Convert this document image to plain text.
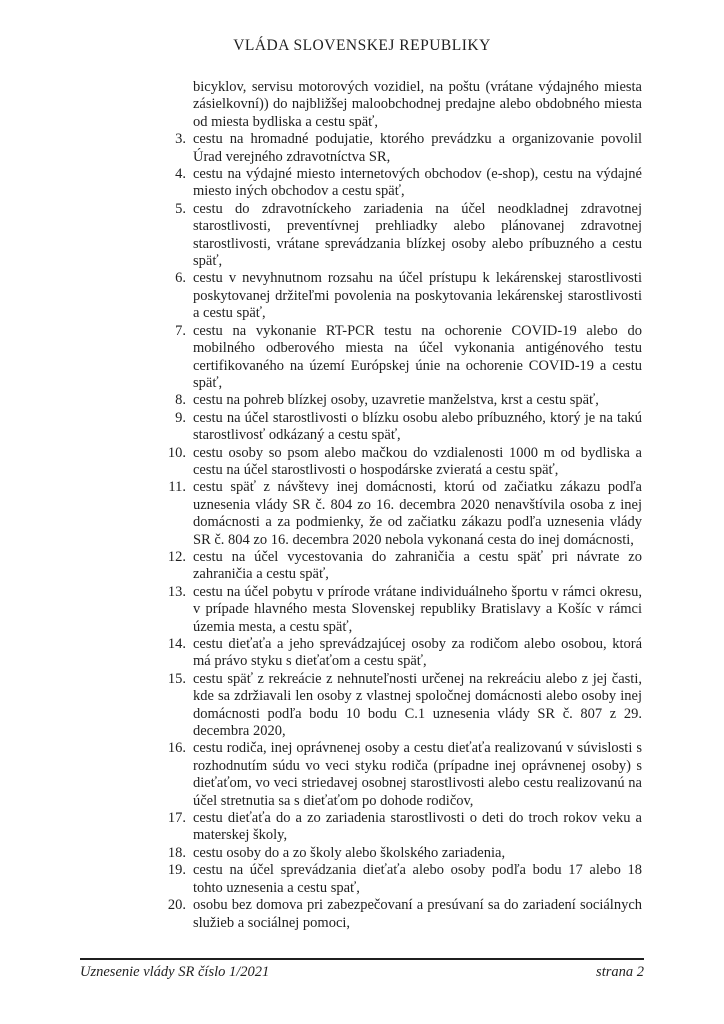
VLÁDA SLOVENSKEJ REPUBLIKY

bicyklov, servisu motorových vozidiel, na poštu (vrátane výdajného miesta zásielkovní)) do najbližšej maloobchodnej predajne alebo obdobného miesta od miesta bydliska a cestu späť,

3. cestu na hromadné podujatie, ktorého prevádzku a organizovanie povolil Úrad verejného zdravotníctva SR,
4. cestu na výdajné miesto internetových obchodov (e-shop), cestu na výdajné miesto iných obchodov a cestu späť,
5. cestu do zdravotníckeho zariadenia na účel neodkladnej zdravotnej starostlivosti, preventívnej prehliadky alebo plánovanej zdravotnej starostlivosti, vrátane sprevádzania blízkej osoby alebo príbuzného a cestu späť,
6. cestu v nevyhnutnom rozsahu na účel prístupu k lekárenskej starostlivosti poskytovanej držiteľmi povolenia na poskytovania lekárenskej starostlivosti a cestu späť,
7. cestu na vykonanie RT-PCR testu na ochorenie COVID-19 alebo do mobilného odberového miesta na účel vykonania antigénového testu certifikovaného na území Európskej únie na ochorenie COVID-19 a cestu späť,
8. cestu na pohreb blízkej osoby, uzavretie manželstva, krst a cestu späť,
9. cestu na účel starostlivosti o blízku osobu alebo príbuzného, ktorý je na takú starostlivosť odkázaný a cestu späť,
10. cestu osoby so psom alebo mačkou do vzdialenosti 1000 m od bydliska a cestu na účel starostlivosti o hospodárske zvieratá a cestu späť,
11. cestu späť z návštevy inej domácnosti, ktorú od začiatku zákazu podľa uznesenia vlády SR č. 804 zo 16. decembra 2020 nenavštívila osoba z inej domácnosti a za podmienky, že od začiatku zákazu podľa uznesenia vlády SR č. 804 zo 16. decembra 2020 nebola vykonaná cesta do inej domácnosti,
12. cestu na účel vycestovania do zahraničia a cestu späť pri návrate zo zahraničia a cestu späť,
13. cestu na účel pobytu v prírode vrátane individuálneho športu v rámci okresu, v prípade hlavného mesta Slovenskej republiky Bratislavy a Košíc v rámci územia mesta, a cestu späť,
14. cestu dieťaťa a jeho sprevádzajúcej osoby za rodičom alebo osobou, ktorá má právo styku s dieťaťom a cestu späť,
15. cestu späť z rekreácie z nehnuteľnosti určenej na rekreáciu alebo z jej časti, kde sa zdržiavali len osoby z vlastnej spoločnej domácnosti alebo osoby inej domácnosti podľa bodu 10 bodu C.1 uznesenia vlády SR č. 807 z 29. decembra 2020,
16. cestu rodiča, inej oprávnenej osoby a cestu dieťaťa realizovanú v súvislosti s rozhodnutím súdu vo veci styku rodiča (prípadne inej oprávnenej osoby) s dieťaťom, vo veci striedavej osobnej starostlivosti alebo cestu realizovanú na účel stretnutia sa s dieťaťom po dohode rodičov,
17. cestu dieťaťa do a zo zariadenia starostlivosti o deti do troch rokov veku a materskej školy,
18. cestu osoby do a zo školy alebo školského zariadenia,
19. cestu na účel sprevádzania dieťaťa alebo osoby podľa bodu 17 alebo 18 tohto uznesenia a cestu spať,
20. osobu bez domova pri zabezpečovaní a presúvaní sa do zariadení sociálnych služieb a sociálnej pomoci,
Uznesenie vlády SR číslo 1/2021	strana 2
